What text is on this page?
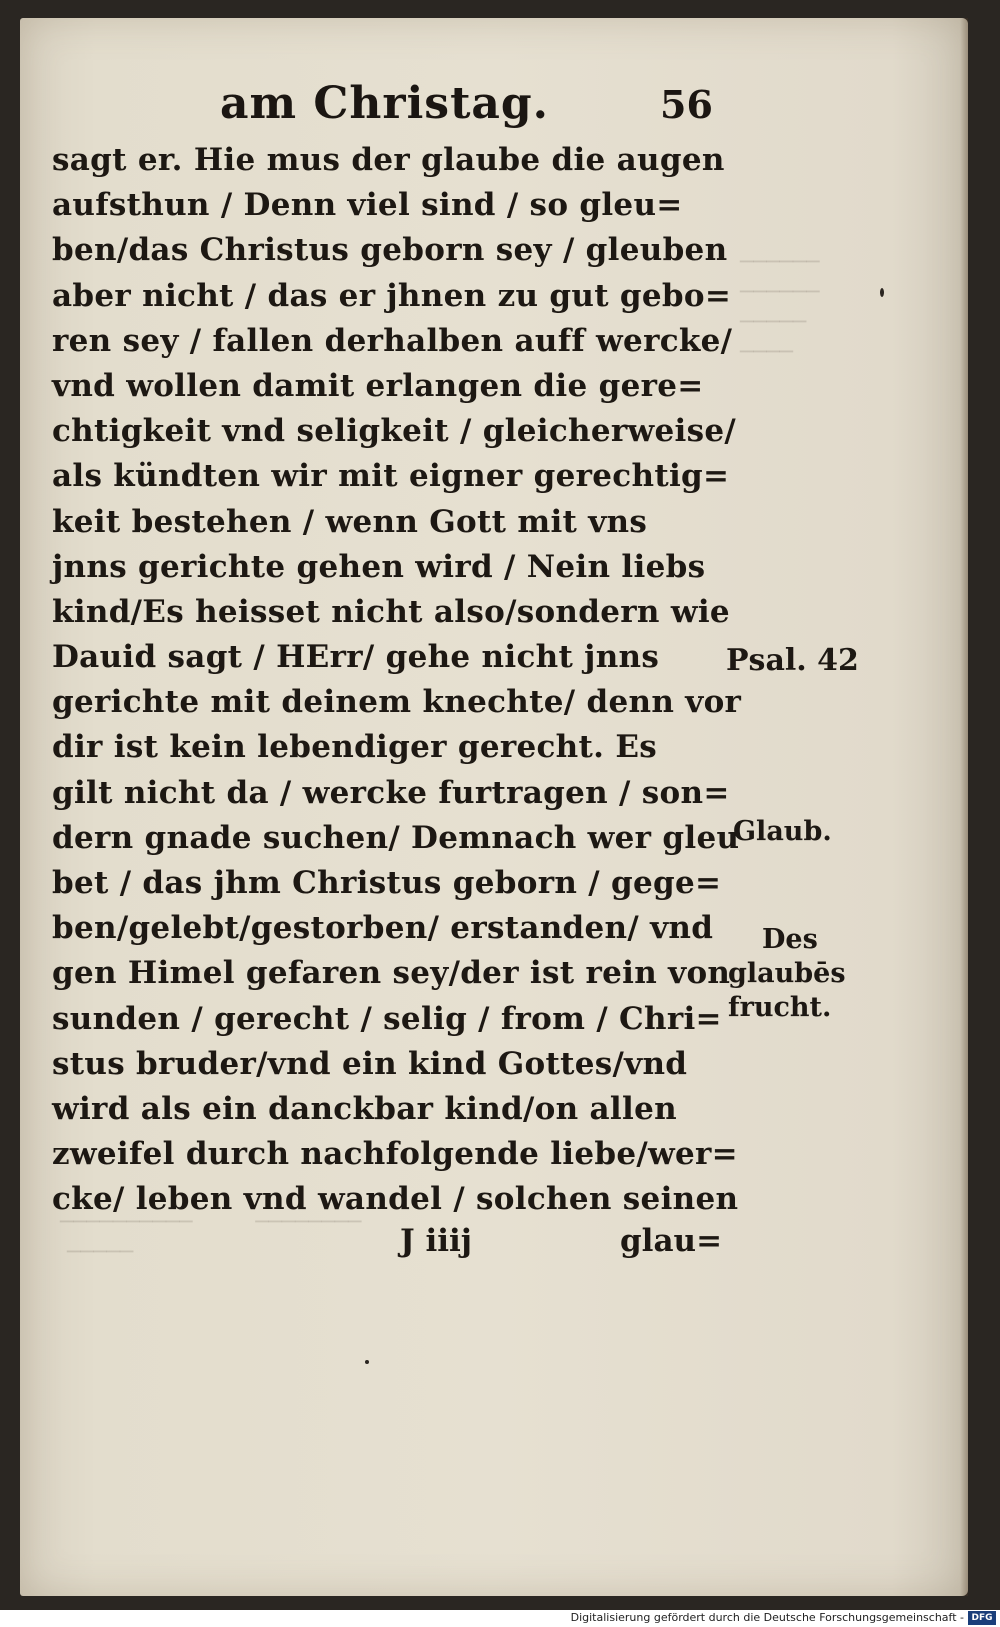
──────
──────
─────
────
──────────         ────────
─────
am Christag.	56
sagt er. Hie mus der glaube die augen
aufsthun / Denn viel sind / so gleu=
ben/das Christus geborn sey / gleuben
aber nicht / das er jhnen zu gut gebo=
ren sey / fallen derhalben auff wercke/
vnd wollen damit erlangen die gere=
chtigkeit vnd seligkeit / gleicherweise/
als kündten wir mit eigner gerechtig=
keit bestehen / wenn Gott mit vns
jnns gerichte gehen wird / Nein liebs
kind/Es heisset nicht also/sondern wie
Dauid sagt / HErr/ gehe nicht jnns
gerichte mit deinem knechte/ denn vor
dir ist kein lebendiger gerecht. Es
gilt nicht da / wercke furtragen / son=
dern gnade suchen/ Demnach wer gleu
bet / das jhm Christus geborn / gege=
ben/gelebt/gestorben/ erstanden/ vnd
gen Himel gefaren sey/der ist rein von
sunden / gerecht / selig / from / Chri=
stus bruder/vnd ein kind Gottes/vnd
wird als ein danckbar kind/on allen
zweifel durch nachfolgende liebe/wer=
cke/ leben vnd wandel / solchen seinen
J iiij	glau=
Psal. 42
Glaub.
Des
glaubēs
frucht.
Digitalisierung gefördert durch die Deutsche Forschungsgemeinschaft - DFG
